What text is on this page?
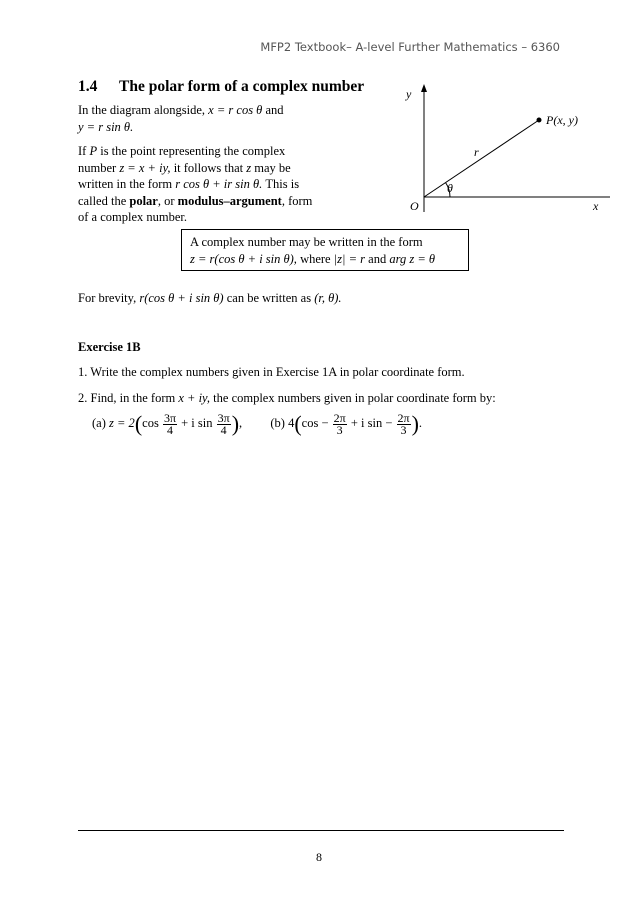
MFP2 Textbook– A-level Further Mathematics – 6360
1.4 The polar form of a complex number
In the diagram alongside, x = r cos θ and
y = r sin θ.
If P is the point representing the complex number z = x + iy, it follows that z may be written in the form r cos θ + ir sin θ. This is called the polar, or modulus–argument, form of a complex number.
y
x
O
P(x, y)
r
θ
A complex number may be written in the form
z = r(cos θ + i sin θ), where |z| = r and arg z = θ
For brevity, r(cos θ + i sin θ) can be written as (r, θ).
Exercise 1B
1. Write the complex numbers given in Exercise 1A in polar coordinate form.
2. Find, in the form x + iy, the complex numbers given in polar coordinate form by:
(a) $z = 2(\cos \frac{3\pi}{4} + i$ $\sin \frac{3\pi}{4}$ ), (b) $4(\cos - \frac{2\pi}{3} + i$ $\sin - \frac{2\pi}{3}$ ).
8
